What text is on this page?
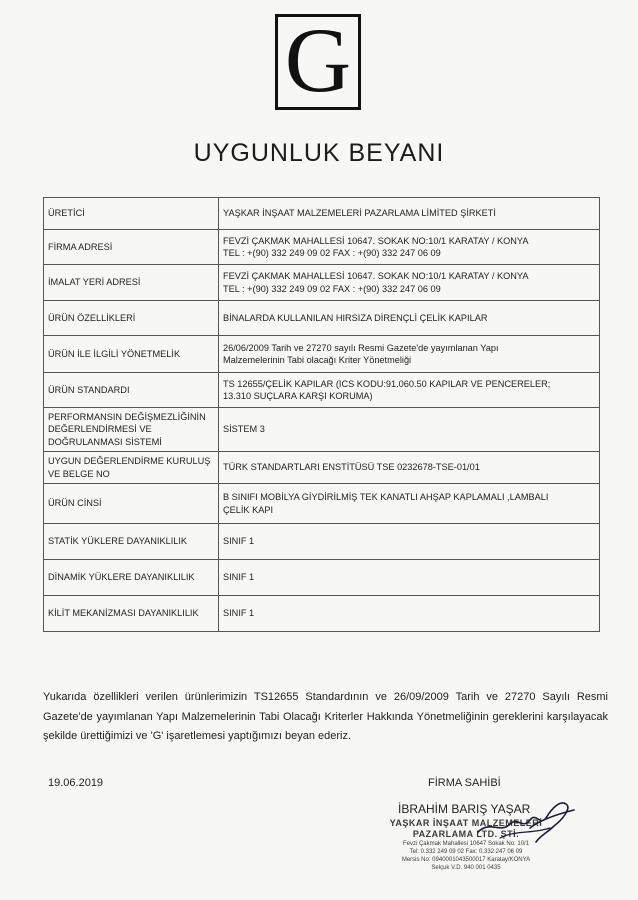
G
UYGUNLUK BEYANI
ÜRETİCİ	YAŞKAR İNŞAAT MALZEMELERİ PAZARLAMA LİMİTED ŞİRKETİ

FİRMA ADRESİ	FEVZİ ÇAKMAK MAHALLESİ 10647. SOKAK NO:10/1 KARATAY / KONYA
TEL : +(90) 332 249 09 02 FAX : +(90) 332 247 06 09

İMALAT YERİ ADRESİ	FEVZİ ÇAKMAK MAHALLESİ 10647. SOKAK NO:10/1 KARATAY / KONYA
TEL : +(90) 332 249 09 02 FAX : +(90) 332 247 06 09

ÜRÜN ÖZELLİKLERİ	BİNALARDA KULLANILAN HIRSIZA DİRENÇLİ ÇELİK KAPILAR

ÜRÜN İLE İLGİLİ YÖNETMELİK	26/06/2009 Tarih ve 27270 sayılı Resmi Gazete'de yayımlanan Yapı
Malzemelerinin Tabi olacağı Kriter Yönetmeliği

ÜRÜN STANDARDI	TS 12655/ÇELİK KAPILAR (ICS KODU:91.060.50 KAPILAR VE PENCERELER;
13.310 SUÇLARA KARŞI KORUMA)

PERFORMANSIN DEĞİŞMEZLİĞİNİN DEĞERLENDİRMESİ VE DOĞRULANMASI SİSTEMİ	SİSTEM 3

UYGUN DEĞERLENDİRME KURULUŞ VE BELGE NO	TÜRK STANDARTLARI ENSTİTÜSÜ TSE 0232678-TSE-01/01

ÜRÜN CİNSİ	B SINIFI MOBİLYA GİYDİRİLMİŞ TEK KANATLI AHŞAP KAPLAMALI ,LAMBALI
ÇELİK KAPI

STATİK YÜKLERE DAYANIKLILIK	SINIF 1

DİNAMİK YÜKLERE DAYANIKLILIK	SINIF 1

KİLİT MEKANİZMASI DAYANIKLILIK	SINIF 1
Yukarıda özellikleri verilen ürünlerimizin TS12655 Standardının ve 26/09/2009 Tarih ve 27270 Sayılı Resmi Gazete'de yayımlanan Yapı Malzemelerinin Tabi Olacağı Kriterler Hakkında Yönetmeliğinin gereklerini karşılayacak şekilde ürettiğimizi ve 'G' işaretlemesi yaptığımızı beyan ederiz.
19.06.2019	FİRMA SAHİBİ
İBRAHİM BARIŞ YAŞAR
YAŞKAR İNŞAAT MALZEMELERİ
PAZARLAMA LTD. ŞTİ.
Fevzi Çakmak Mahallesi 10647 Sokak No: 10/1
Tel: 0.332 249 09 02 Fax: 0.332 247 06 09
Mersis No: 0940001043500017 Karatay/KONYA
Selçuk V.D. 940 001 0435
